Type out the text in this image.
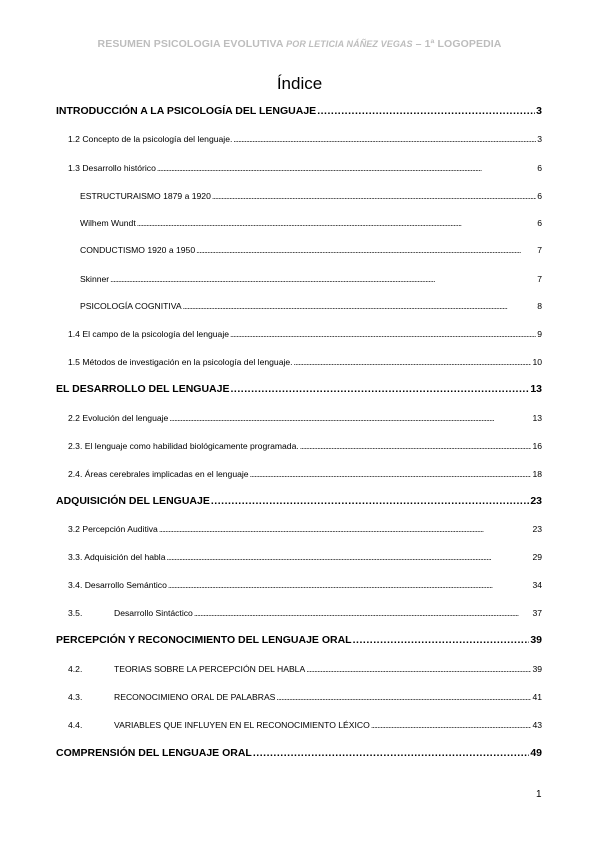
RESUMEN PSICOLOGIA EVOLUTIVA POR LETICIA NÁÑEZ VEGAS – 1ª LOGOPEDIA
Índice
INTRODUCCIÓN A LA PSICOLOGÍA DEL LENGUAJE . . .	3
1.2 Concepto de la psicología del lenguaje. . . .	3
1.3 Desarrollo histórico . . .	6
ESTRUCTURAISMO 1879 a 1920 . . .	6
Wilhem Wundt . . .	6
CONDUCTISMO 1920 a 1950 . . .	7
Skinner . . .	7
PSICOLOGÍA COGNITIVA . . .	8
1.4 El campo de la psicología del lenguaje . . .	9
1.5 Métodos de investigación en la psicología del lenguaje. . . .	10
EL DESARROLLO DEL LENGUAJE . . .	13
2.2 Evolución del lenguaje . . .	13
2.3. El lenguaje como habilidad biológicamente programada. . . .	16
2.4. Áreas cerebrales implicadas en el lenguaje . . .	18
ADQUISICIÓN DEL LENGUAJE . . .	23
3.2 Percepción Auditiva . . .	23
3.3. Adquisición del habla . . .	29
3.4. Desarrollo Semántico . . .	34
3.5.	Desarrollo Sintáctico . . .	37
PERCEPCIÓN Y RECONOCIMIENTO DEL LENGUAJE ORAL . . .	39
4.2.	TEORIAS SOBRE LA PERCEPCIÓN DEL HABLA . . .	39
4.3.	RECONOCIMIENO ORAL DE PALABRAS . . .	41
4.4.	VARIABLES QUE INFLUYEN EN EL RECONOCIMIENTO LÉXICO . . .	43
COMPRENSIÓN DEL LENGUAJE ORAL . . .	49
1
